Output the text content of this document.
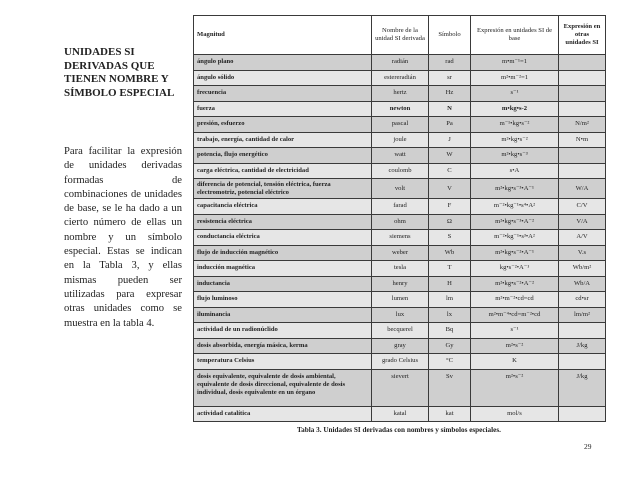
UNIDADES SI DERIVADAS QUE TIENEN NOMBRE Y SÍMBOLO ESPECIAL
Para facilitar la expresión de unidades derivadas formadas de combinaciones de unidades de base, se le ha dado a un cierto número de ellas un nombre y un símbolo especial. Estas se indican en la Tabla 3, y ellas mismas pueden ser utilizadas para expresar otras unidades como se muestra en la tabla 4.
Magnitud	Nombre de la unidad SI derivada	Símbolo	Expresión en unidades SI de base	Expresión en otras unidades SI
ángulo plano	radián	rad	m•m⁻¹=1	
ángulo sólido	estereradián	sr	m²•m⁻²=1	
frecuencia	hertz	Hz	s⁻¹	
fuerza	newton	N	m•kg•s-2	
presión, esfuerzo	pascal	Pa	m⁻¹•kg•s⁻²	N/m²
trabajo, energía, cantidad de calor	joule	J	m²•kg•s⁻²	N•m
potencia, flujo energético	watt	W	m²•kg•s⁻³	
carga eléctrica, cantidad de electricidad	coulomb	C	s•A	
diferencia de potencial, tensión eléctrica, fuerza electromotriz, potencial eléctrico	volt	V	m²•kg•s⁻³•A⁻¹	W/A
capacitancia eléctrica	farad	F	m⁻²•kg⁻¹•s⁴•A²	C/V
resistencia eléctrica	ohm	Ω	m²•kg•s⁻³•A⁻²	V/A
conductancia eléctrica	siemens	S	m⁻²•kg⁻¹•s³•A²	A/V
flujo de inducción magnético	weber	Wb	m²•kg•s⁻²•A⁻¹	V.s
inducción magnética	tesla	T	kg•s⁻²•A⁻¹	Wb/m²
inductancia	henry	H	m²•kg•s⁻²•A⁻²	Wb/A
flujo luminoso	lumen	lm	m²•m⁻²•cd=cd	cd•sr
iluminancia	lux	lx	m²•m⁻⁴•cd=m⁻²•cd	lm/m²
actividad de un radionúclido	becquerel	Bq	s⁻¹	
dosis absorbida, energía másica, kerma	gray	Gy	m²•s⁻²	J/kg
temperatura Celsius	grado Celsius	°C	K	
dosis equivalente, equivalente de dosis ambiental, equivalente de dosis direccional, equivalente de dosis individual, dosis equivalente en un órgano	sievert	Sv	m²•s⁻²	J/kg
actividad catalítica	katal	kat	mol/s	
Tabla 3. Unidades SI derivadas con nombres y símbolos especiales.
29
